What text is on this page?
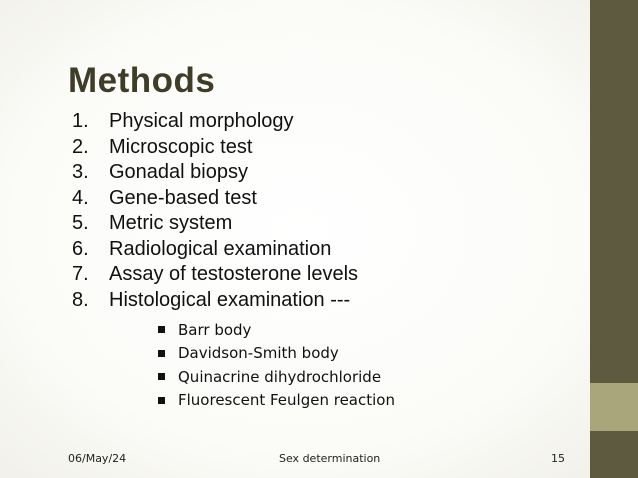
Methods
1.	Physical morphology
2.	Microscopic test
3.	Gonadal biopsy
4.	Gene-based test
5.	Metric system
6.	Radiological examination
7.	Assay of testosterone levels
8.	Histological examination ---
Barr body
Davidson-Smith body
Quinacrine dihydrochloride
Fluorescent Feulgen reaction
06/May/24	Sex determination	15
